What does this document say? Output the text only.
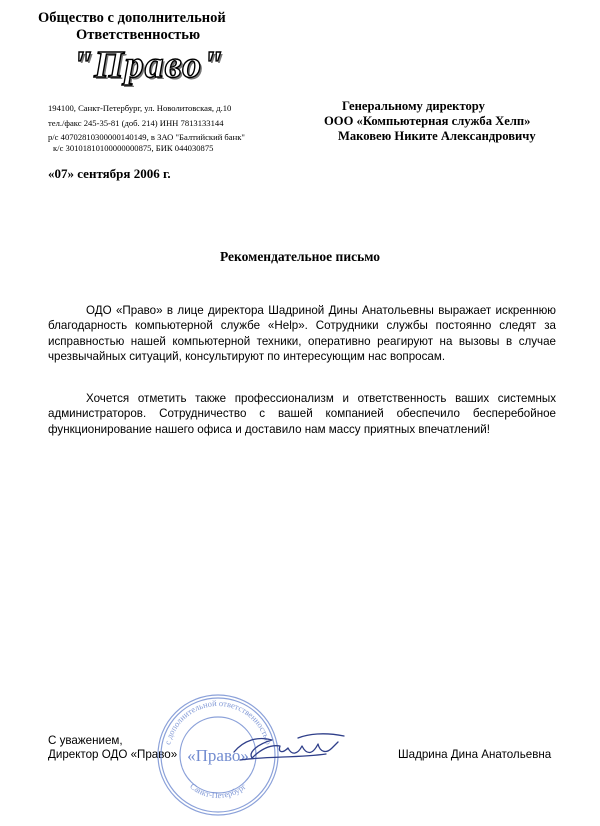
Общество с дополнительной
Ответственностью
"Право"
194100, Санкт-Петербург, ул. Новолитовская, д.10
тел./факс 245-35-81 (доб. 214) ИНН 7813133144
р/с 40702810300000140149, в ЗАО "Балтийский банк"
к/с 30101810100000000875, БИК 044030875
Генеральному директору
ООО «Компьютерная служба Хелп»
Маковею Никите Александровичу
«07» сентября 2006 г.
Рекомендательное письмо
ОДО «Право» в лице директора Шадриной Дины Анатольевны выражает искреннюю благодарность компьютерной службе «Help». Сотрудники службы постоянно следят за исправностью нашей компьютерной техники, оперативно реагируют на вызовы в случае чрезвычайных ситуаций, консультируют по интересующим нас вопросам.
Хочется отметить также профессионализм и ответственность ваших системных администраторов. Сотрудничество с вашей компанией обеспечило бесперебойное функционирование нашего офиса и доставило нам массу приятных впечатлений!
С уважением,
Директор ОДО «Право»	Шадрина Дина Анатольевна
с дополнительной ответственностью
Санкт-Петербург
«Право»
